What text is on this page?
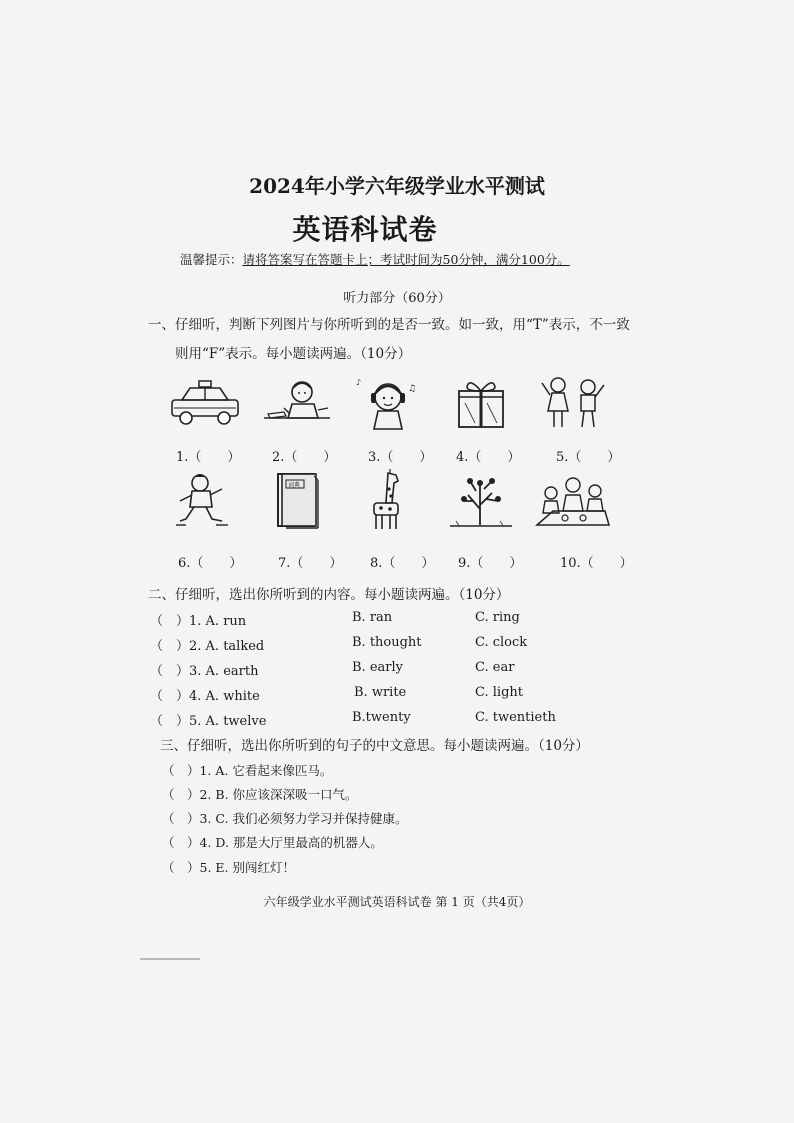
2024年小学六年级学业水平测试
英语科试卷
温馨提示：请将答案写在答题卡上；考试时间为50分钟，满分100分。
听力部分（60分）
一、仔细听，判断下列图片与你所听到的是否一致。如一致，用“T”表示，不一致
则用“F”表示。每小题读两遍。（10分）
♪
♫
1.（　　） 2.（　　） 3.（　　） 4.（　　）	5.（　　）
词典
6.（　　）	7.（　　） 8.（　　） 9.（　　）	10.（　　）
二、仔细听，选出你所听到的内容。每小题读两遍。（10分）
（　）1. A. run	B. ran	C. ring
（　）2. A. talked	B. thought	C. clock
（　）3. A. earth	B. early	C. ear
（　）4. A. white	B. write	C. light
（　）5. A. twelve	B.twenty	C. twentieth
三、仔细听，选出你所听到的句子的中文意思。每小题读两遍。（10分）
（　）1. A. 它看起来像匹马。
（　）2. B. 你应该深深吸一口气。
（　）3. C. 我们必须努力学习并保持健康。
（　）4. D. 那是大厅里最高的机器人。
（　）5. E. 别闯红灯！
六年级学业水平测试英语科试卷 第 1 页（共4页）
